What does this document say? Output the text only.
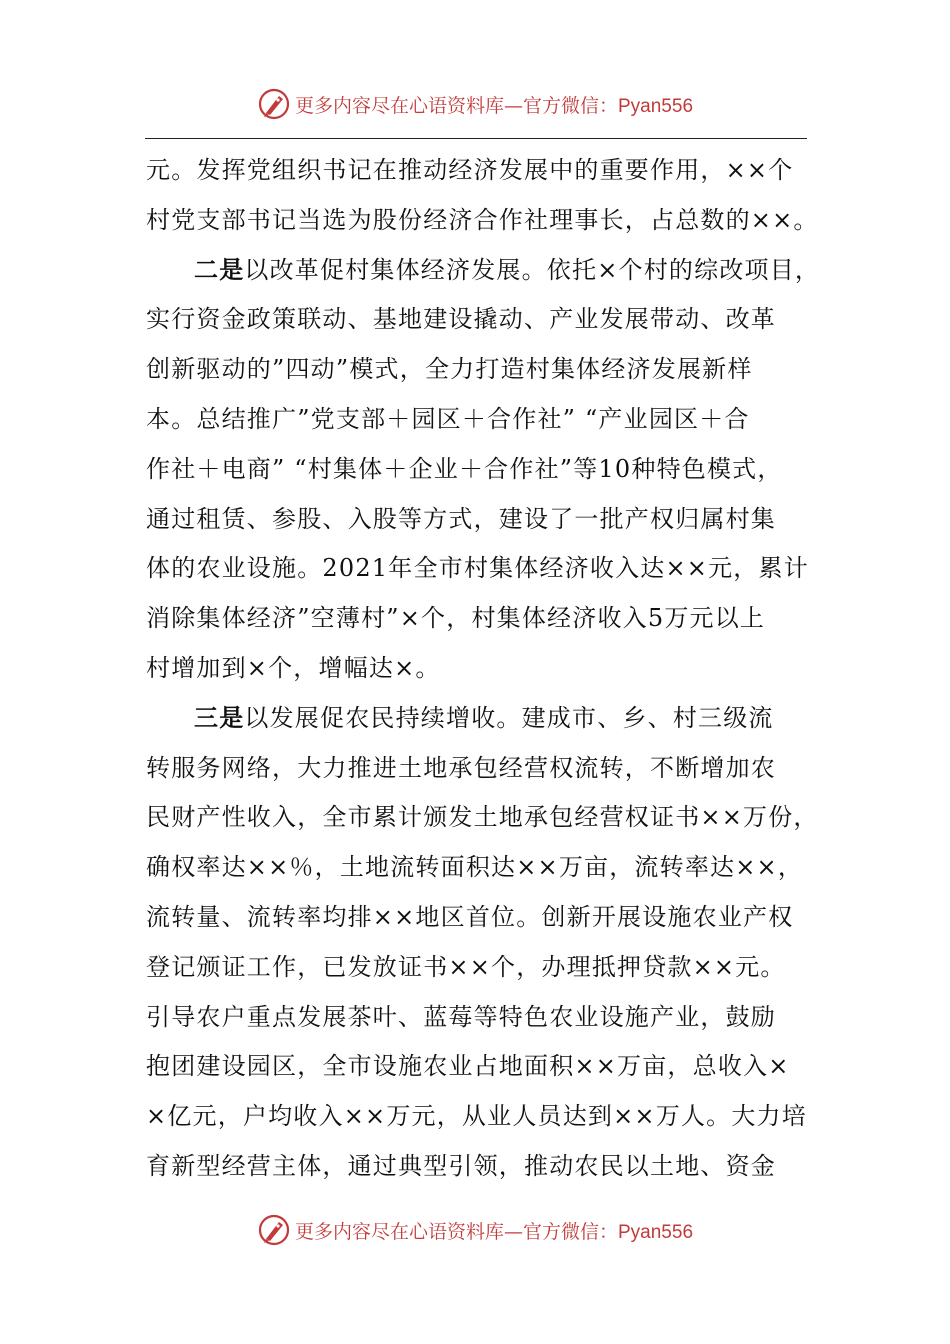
更多内容尽在心语资料库—官方微信：Pyan556
元。发挥党组织书记在推动经济发展中的重要作用，××个
村党支部书记当选为股份经济合作社理事长，占总数的××。
二是以改革促村集体经济发展。依托×个村的综改项目，
实行资金政策联动、基地建设撬动、产业发展带动、改革
创新驱动的”四动”模式，全力打造村集体经济发展新样
本。总结推广”党支部＋园区＋合作社” “产业园区＋合
作社＋电商” “村集体＋企业＋合作社”等10种特色模式，
通过租赁、参股、入股等方式，建设了一批产权归属村集
体的农业设施。2021年全市村集体经济收入达××元，累计
消除集体经济”空薄村”×个，村集体经济收入5万元以上
村增加到×个，增幅达×。
三是以发展促农民持续增收。建成市、乡、村三级流
转服务网络，大力推进土地承包经营权流转，不断增加农
民财产性收入，全市累计颁发土地承包经营权证书××万份，
确权率达××％，土地流转面积达××万亩，流转率达××，
流转量、流转率均排××地区首位。创新开展设施农业产权
登记颁证工作，已发放证书××个，办理抵押贷款××元。
引导农户重点发展茶叶、蓝莓等特色农业设施产业，鼓励
抱团建设园区，全市设施农业占地面积××万亩，总收入×
×亿元，户均收入××万元，从业人员达到××万人。大力培
育新型经营主体，通过典型引领，推动农民以土地、资金
更多内容尽在心语资料库—官方微信：Pyan556
